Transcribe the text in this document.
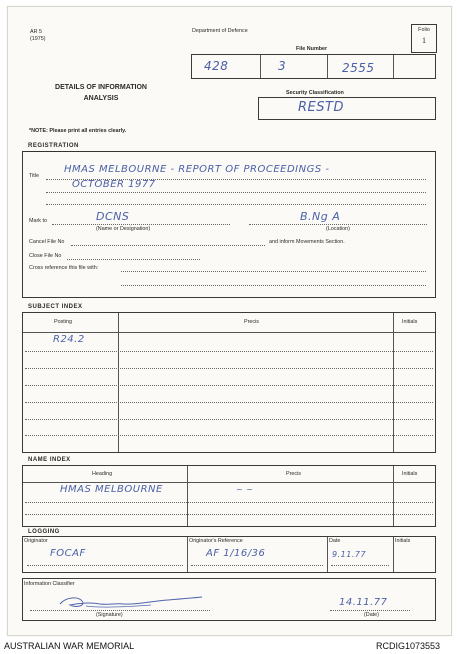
AR 5
(1975)
Department of Defence	Folio
1
File Number
428	3	2555
DETAILS OF INFORMATION
ANALYSIS
Security Classification
RESTD
*NOTE: Please print all entries clearly.
REGISTRATION
Title
HMAS MELBOURNE - REPORT OF PROCEEDINGS -
OCTOBER 1977
Mark to	DCNS
(Name or Designation)
B.Ng A
(Location)
Cancel File No	and inform Movements Section.
Close File No
Cross reference this file with:
SUBJECT INDEX
Posting	Precis	Initials
R24.2
NAME INDEX
Heading	Precis	Initials
HMAS MELBOURNE	~ ~
LOGGING
Originator	Originator's Reference	Date	Initials
FOCAF	AF 1/16/36	9.11.77
Information Classifier
(Signature)
14.11.77
(Date)
AUSTRALIAN WAR MEMORIAL	RCDIG1073553
